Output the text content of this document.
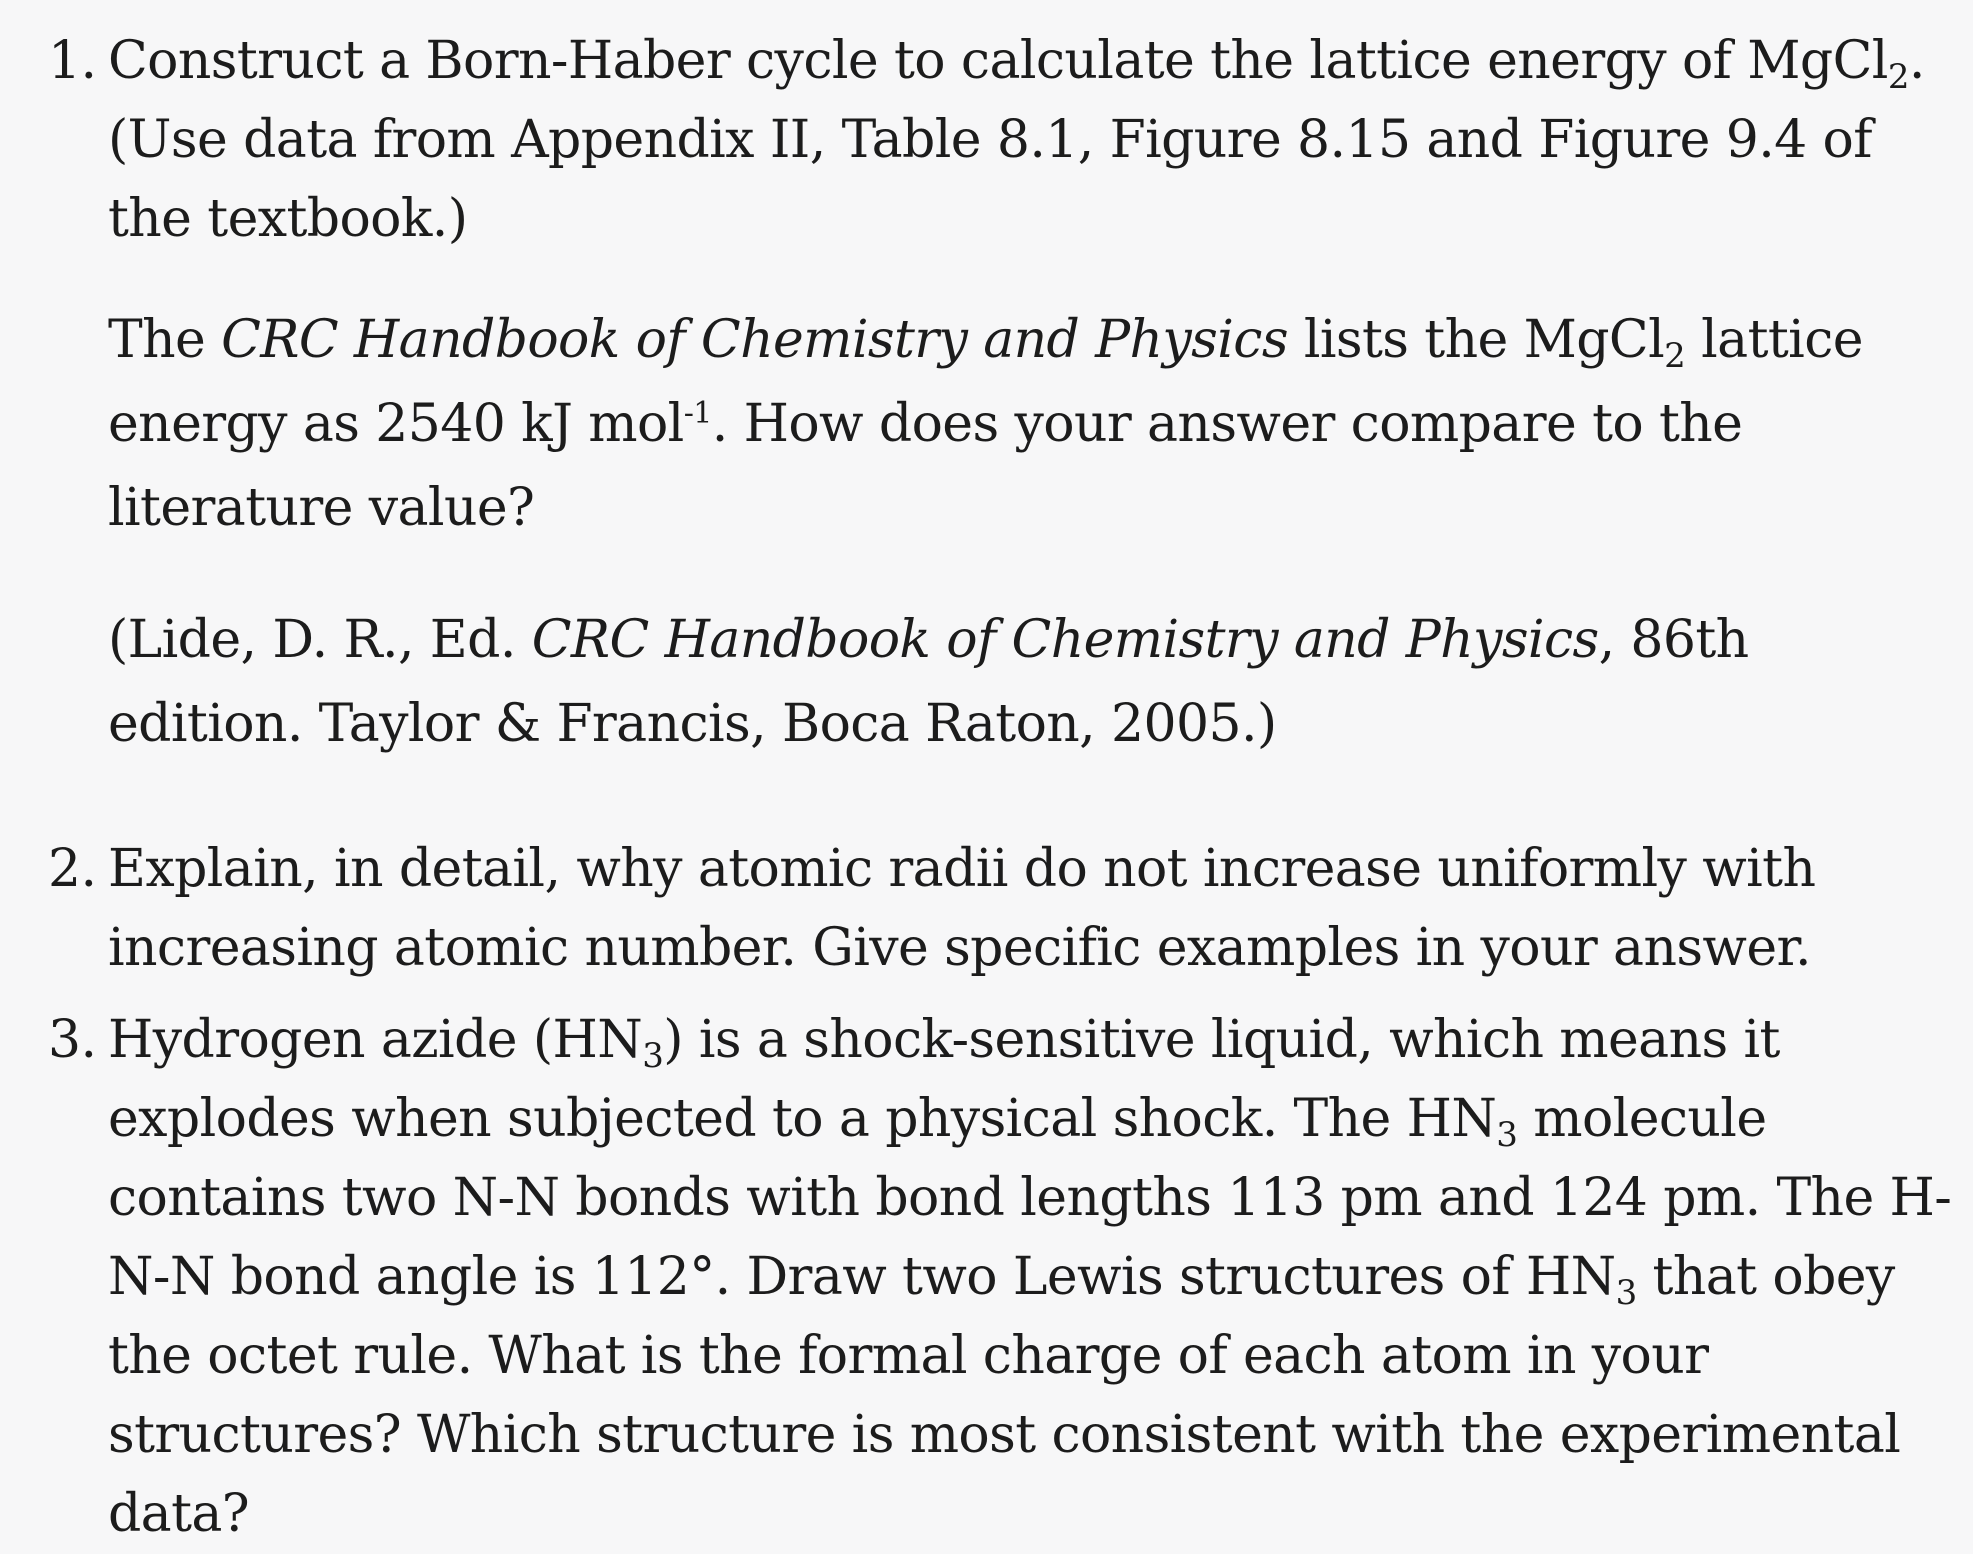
1. Construct a Born-Haber cycle to calculate the lattice energy of MgCl$_2$.
(Use data from Appendix II, Table 8.1, Figure 8.15 and Figure 9.4 of
the textbook.)
The CRC Handbook of Chemistry and Physics lists the MgCl$_2$ lattice
energy as 2540 kJ mol$^{-1}$. How does your answer compare to the
literature value?
(Lide, D. R., Ed. CRC Handbook of Chemistry and Physics, 86th
edition. Taylor & Francis, Boca Raton, 2005.)
2. Explain, in detail, why atomic radii do not increase uniformly with
increasing atomic number. Give specific examples in your answer.
3. Hydrogen azide $(HN_3)$ is a shock-sensitive liquid, which means it
explodes when subjected to a physical shock. The $HN_3$ molecule
contains two N-N bonds with bond lengths 113 pm and 124 pm. The H-
N-N bond angle is 112°. Draw two Lewis structures of $HN_3$ that obey
the octet rule. What is the formal charge of each atom in your
structures? Which structure is most consistent with the experimental
data?
